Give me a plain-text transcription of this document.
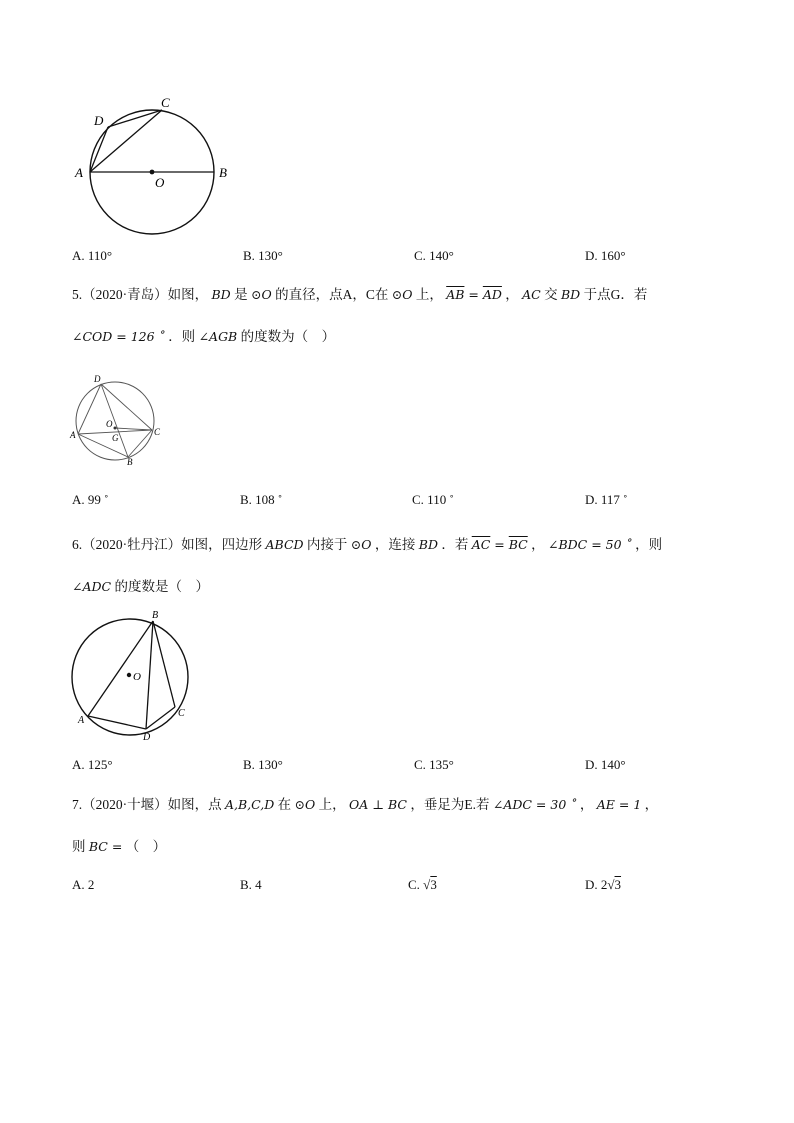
A	B
C
D
O
A. 110°	B. 130°	C. 140°	D. 160°
5.（2020·青岛）如图， BD 是 ⊙O 的直径，点A，C在 ⊙O 上， $\overline{AB} = \overline{AD}$ ， AC 交 BD 于点G．若
∠COD = 126 ˚ ．则 ∠AGB 的度数为（　）
D
A
O
G
C
B
A. 99 ˚	B. 108 ˚	C. 110 ˚	D. 117 ˚
6.（2020·牡丹江）如图，四边形 ABCD 内接于 ⊙O ，连接 BD ．若 $\overline{AC} = \overline{BC}$ ， ∠BDC = 50 ˚ ，则
∠ADC 的度数是（　）
B
O
A
D
C
A. 125°	B. 130°	C. 135°	D. 140°
7.（2020·十堰）如图，点 A,B,C,D 在 ⊙O 上， OA ⊥ BC ，垂足为E.若 ∠ADC = 30 ˚ ， AE = 1 ，
则 BC = （　）
A. 2	B. 4	C. √3	D. 2√3
